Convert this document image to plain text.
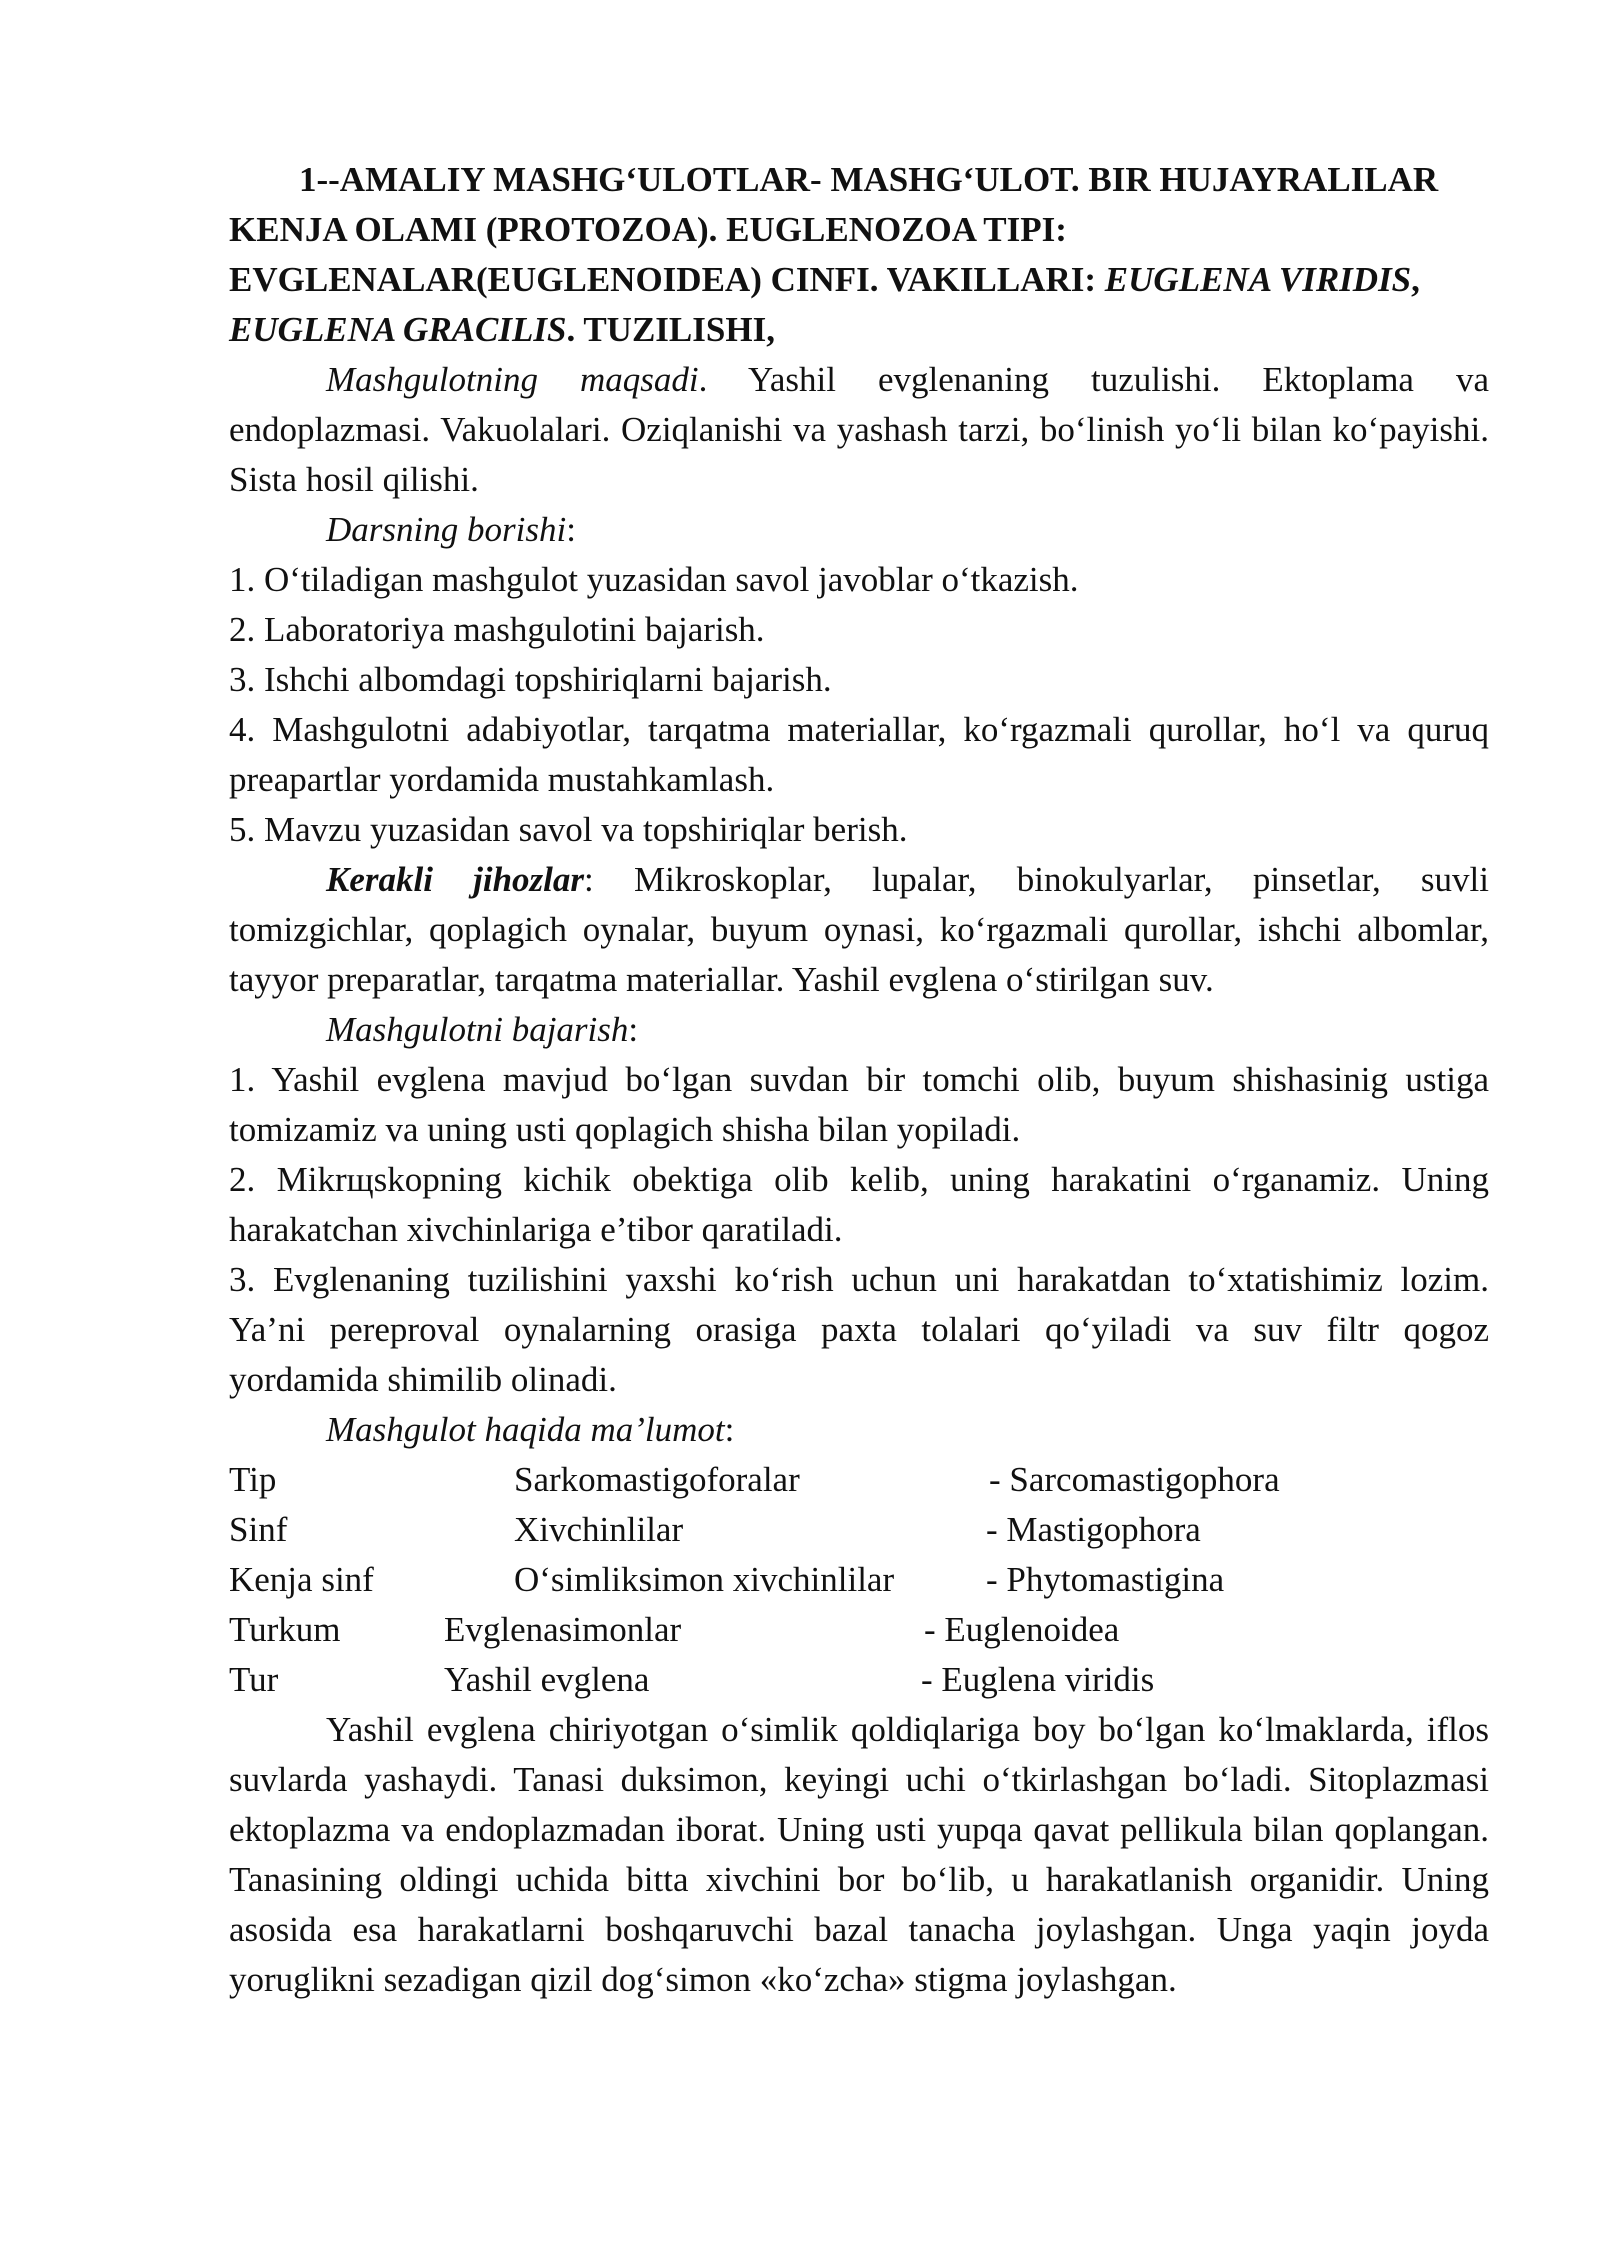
1--AMALIY MASHG‘ULOTLAR- MASHG‘ULOT. BIR HUJAYRALILAR KENJA OLAMI (PROTOZOA). EUGLENOZOA TIPI: EVGLENALAR(EUGLENOIDEA) CINFI. VAKILLARI: EUGLENA VIRIDIS, EUGLENA GRACILIS. TUZILISHI,

Mashgulotning maqsadi. Yashil evglenaning tuzulishi. Ektoplama va endoplazmasi. Vakuolalari. Oziqlanishi va yashash tarzi, bo‘linish yo‘li bilan ko‘payishi. Sista hosil qilishi.

Darsning borishi:

1. O‘tiladigan mashgulot yuzasidan savol javoblar o‘tkazish.

2. Laboratoriya mashgulotini bajarish.

3. Ishchi albomdagi topshiriqlarni bajarish.

4. Mashgulotni adabiyotlar, tarqatma materiallar, ko‘rgazmali qurollar, ho‘l va quruq preapartlar yordamida mustahkamlash.

5. Mavzu yuzasidan savol va topshiriqlar berish.

Kerakli jihozlar: Mikroskoplar, lupalar, binokulyarlar, pinsetlar, suvli tomizgichlar, qoplagich oynalar, buyum oynasi, ko‘rgazmali qurollar, ishchi albomlar, tayyor preparatlar, tarqatma materiallar. Yashil evglena o‘stirilgan suv.

Mashgulotni bajarish:

1. Yashil evglena mavjud bo‘lgan suvdan bir tomchi olib, buyum shishasinig ustiga tomizamiz va uning usti qoplagich shisha bilan yopiladi.

2. Mikrщskopning kichik obektiga olib kelib, uning harakatini o‘rganamiz. Uning harakatchan xivchinlariga e’tibor qaratiladi.

3. Evglenaning tuzilishini yaxshi ko‘rish uchun uni harakatdan to‘xtatishimiz lozim. Ya’ni pereproval oynalarning orasiga paxta tolalari qo‘yiladi va suv filtr qogoz yordamida shimilib olinadi.

Mashgulot haqida ma’lumot:

Tip	Sarkomastigoforalar	- Sarcomastigophora
Sinf	Xivchinlilar	- Mastigophora
Kenja sinf	O‘simliksimon xivchinlilar	- Phytomastigina
Turkum	Evglenasimonlar	- Euglenoidea
Tur	Yashil evglena	- Euglena viridis

Yashil evglena chiriyotgan o‘simlik qoldiqlariga boy bo‘lgan ko‘lmaklarda, iflos suvlarda yashaydi. Tanasi duksimon, keyingi uchi o‘tkirlashgan bo‘ladi. Sitoplazmasi ektoplazma va endoplazmadan iborat. Uning usti yupqa qavat pellikula bilan qoplangan. Tanasining oldingi uchida bitta xivchini bor bo‘lib, u harakatlanish organidir. Uning asosida esa harakatlarni boshqaruvchi bazal tanacha joylashgan. Unga yaqin joyda yoruglikni sezadigan qizil dog‘simon «ko‘zcha» stigma joylashgan.
